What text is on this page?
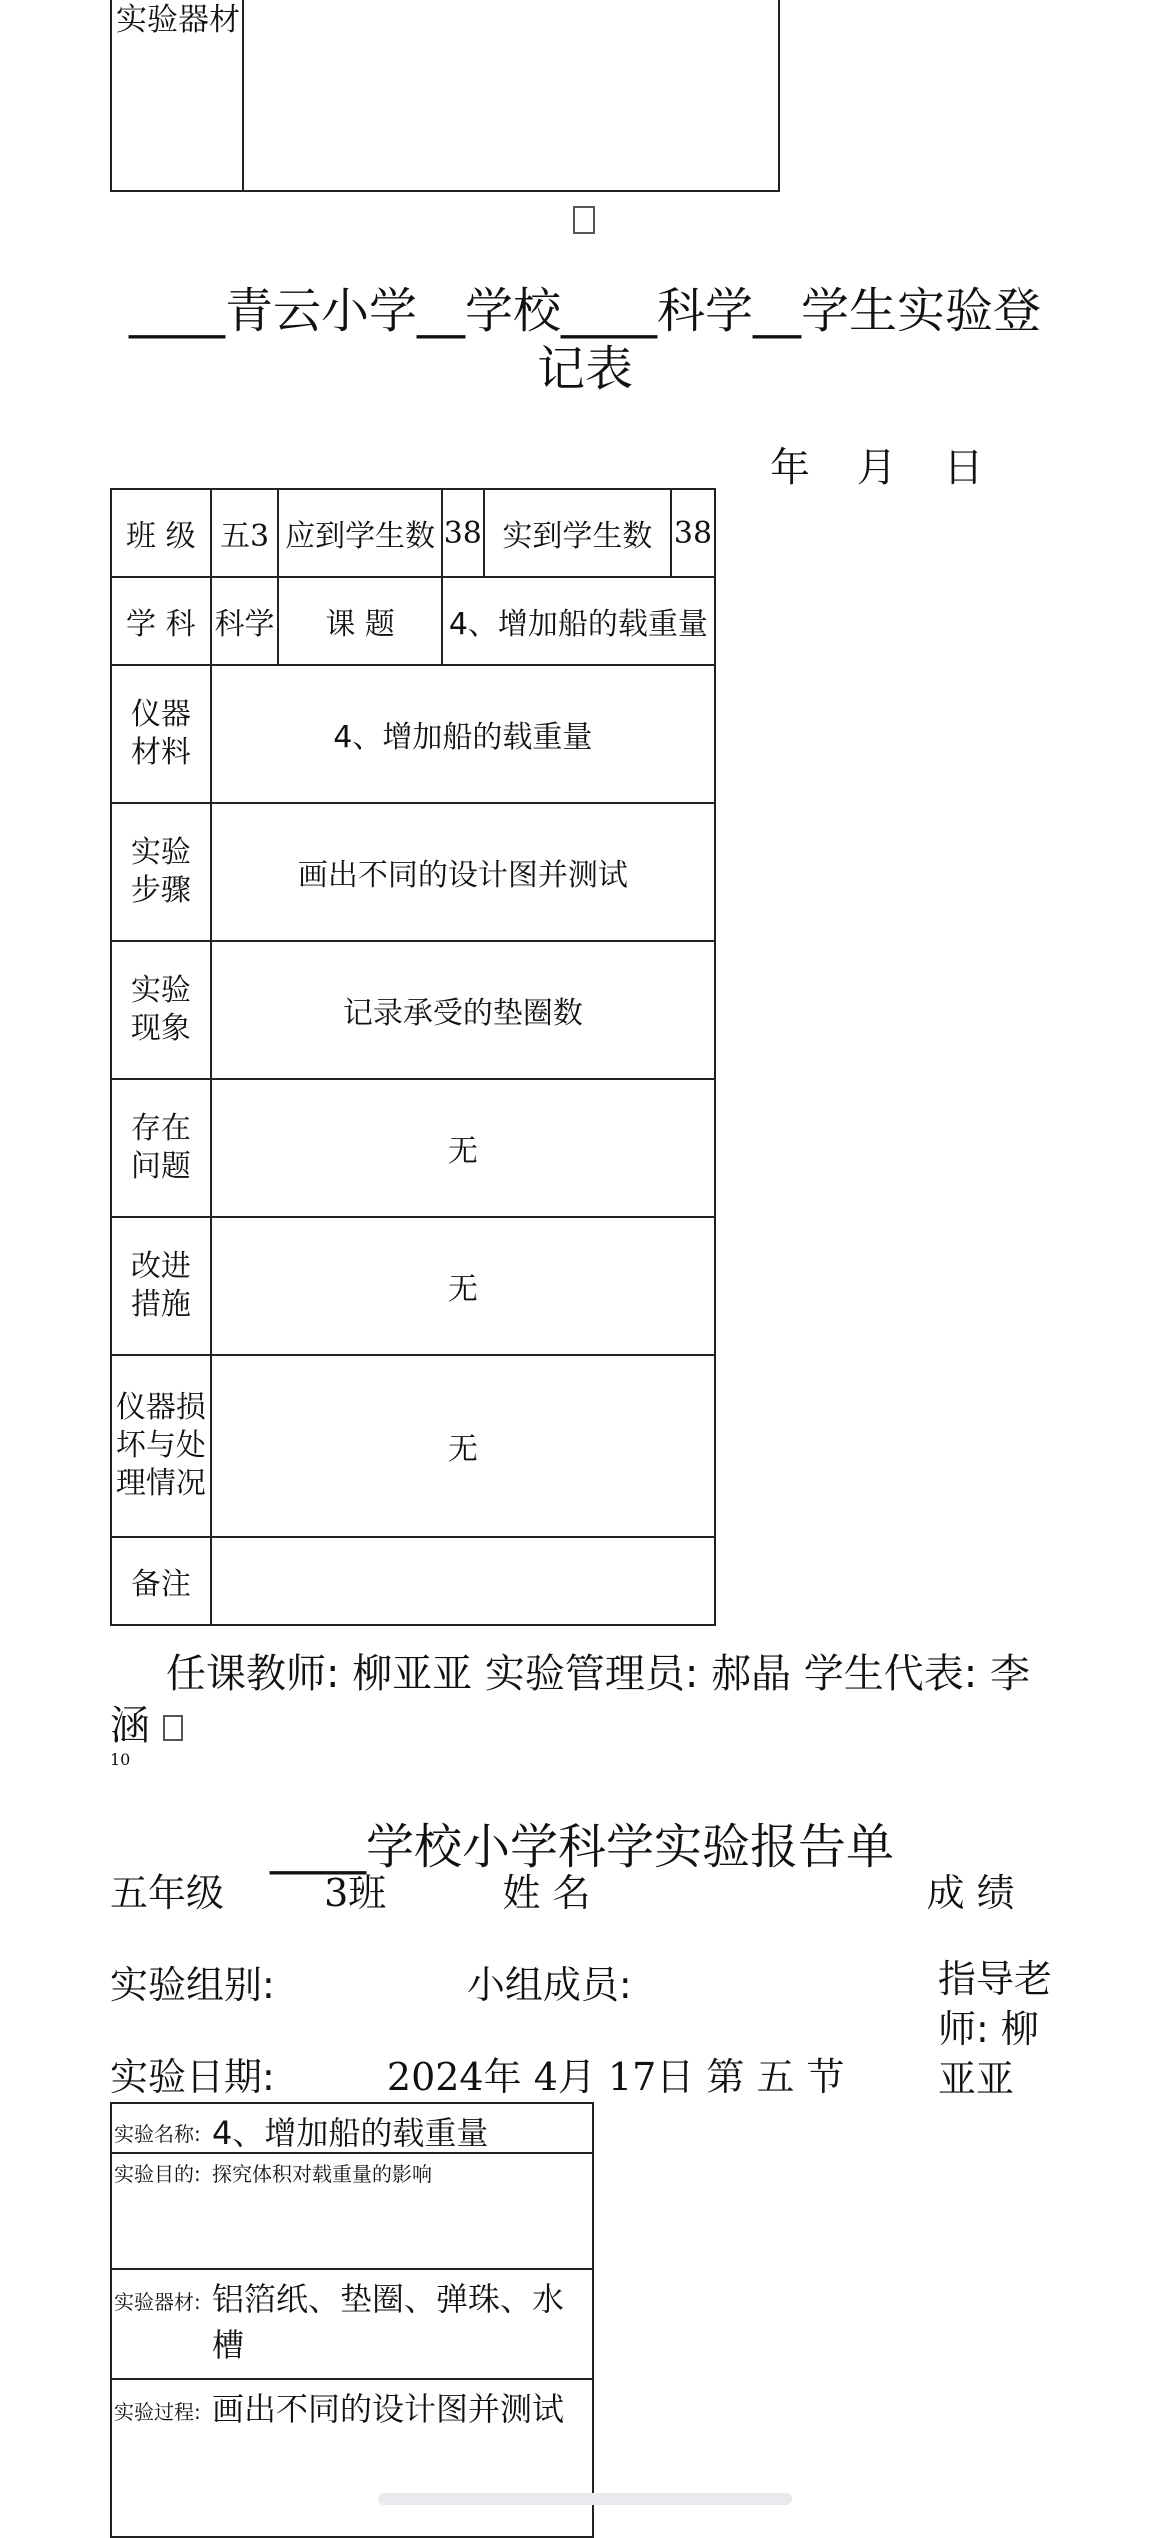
实验器材
____青云小学__学校____科学__学生实验登记表
年 月 日
班 级	五3	应到学生数	38	实到学生数	38
学 科	科学	课 题	4、增加船的载重量		

仪器
材料	4、增加船的载重量				

实验
步骤	画出不同的设计图并测试				

实验
现象	记录承受的垫圈数				

存在
问题	无				

改进
措施	无				

仪器损
坏与处
理情况	无				
备注					
任课教师: 柳亚亚 实验管理员: 郝晶 学生代表: 李涵
10
____学校小学科学实验报告单
五年级	3班	姓 名	成 绩
实验组别:	小组成员:	指导老师: 柳亚亚
实验日期:	2024年 4月 17日 第 五 节
实验名称: 4、增加船的载重量
实验目的: 探究体积对载重量的影响
实验器材: 铝箔纸、垫圈、弹珠、水槽
实验过程: 画出不同的设计图并测试
